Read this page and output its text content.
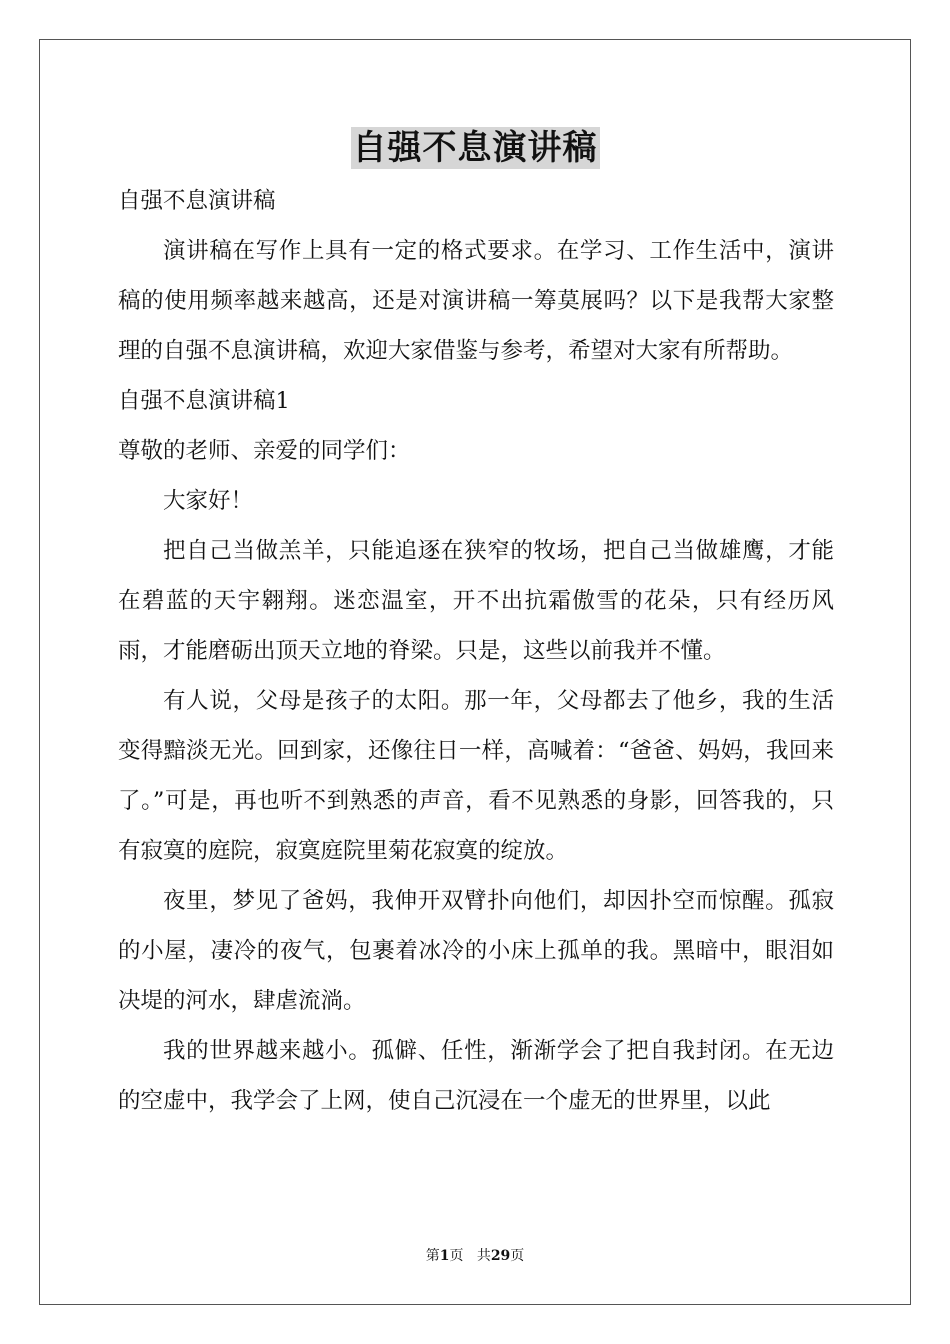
自强不息演讲稿

自强不息演讲稿

演讲稿在写作上具有一定的格式要求。在学习、工作生活中，演讲稿的使用频率越来越高，还是对演讲稿一筹莫展吗？以下是我帮大家整理的自强不息演讲稿，欢迎大家借鉴与参考，希望对大家有所帮助。

自强不息演讲稿1

尊敬的老师、亲爱的同学们：

大家好！

把自己当做羔羊，只能追逐在狭窄的牧场，把自己当做雄鹰，才能在碧蓝的天宇翱翔。迷恋温室，开不出抗霜傲雪的花朵，只有经历风雨，才能磨砺出顶天立地的脊梁。只是，这些以前我并不懂。

有人说，父母是孩子的太阳。那一年，父母都去了他乡，我的生活变得黯淡无光。回到家，还像往日一样，高喊着：“爸爸、妈妈，我回来了。”可是，再也听不到熟悉的声音，看不见熟悉的身影，回答我的，只有寂寞的庭院，寂寞庭院里菊花寂寞的绽放。

夜里，梦见了爸妈，我伸开双臂扑向他们，却因扑空而惊醒。孤寂的小屋，凄冷的夜气，包裹着冰冷的小床上孤单的我。黑暗中，眼泪如决堤的河水，肆虐流淌。

我的世界越来越小。孤僻、任性，渐渐学会了把自我封闭。在无边的空虚中，我学会了上网，使自己沉浸在一个虚无的世界里，以此

第1页 共29页
